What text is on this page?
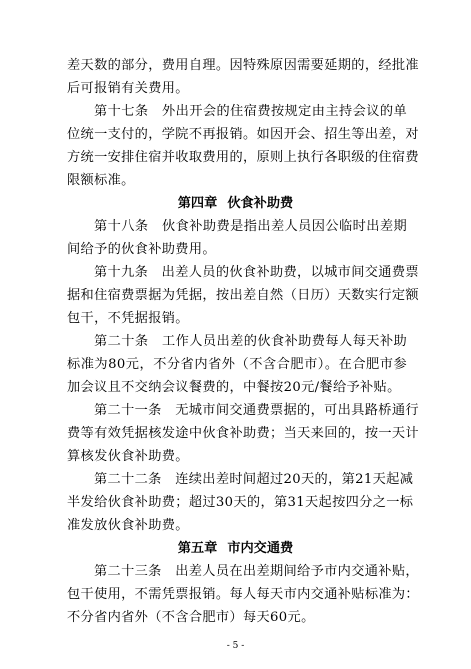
差天数的部分，费用自理。因特殊原因需要延期的，经批准
后可报销有关费用。
第十七条　外出开会的住宿费按规定由主持会议的单
位统一支付的，学院不再报销。如因开会、招生等出差，对
方统一安排住宿并收取费用的，原则上执行各职级的住宿费
限额标准。
第四章 伙食补助费
第十八条　伙食补助费是指出差人员因公临时出差期
间给予的伙食补助费用。
第十九条　出差人员的伙食补助费，以城市间交通费票
据和住宿费票据为凭据，按出差自然（日历）天数实行定额
包干，不凭据报销。
第二十条　工作人员出差的伙食补助费每人每天补助
标准为80元，不分省内省外（不含合肥市）。在合肥市参
加会议且不交纳会议餐费的，中餐按20元/餐给予补贴。
第二十一条　无城市间交通费票据的，可出具路桥通行
费等有效凭据核发途中伙食补助费；当天来回的，按一天计
算核发伙食补助费。
第二十二条　连续出差时间超过20天的，第21天起减
半发给伙食补助费；超过30天的，第31天起按四分之一标
准发放伙食补助费。
第五章 市内交通费
第二十三条　出差人员在出差期间给予市内交通补贴，
包干使用，不需凭票报销。每人每天市内交通补贴标准为：
不分省内省外（不含合肥市）每天60元。
- 5 -
